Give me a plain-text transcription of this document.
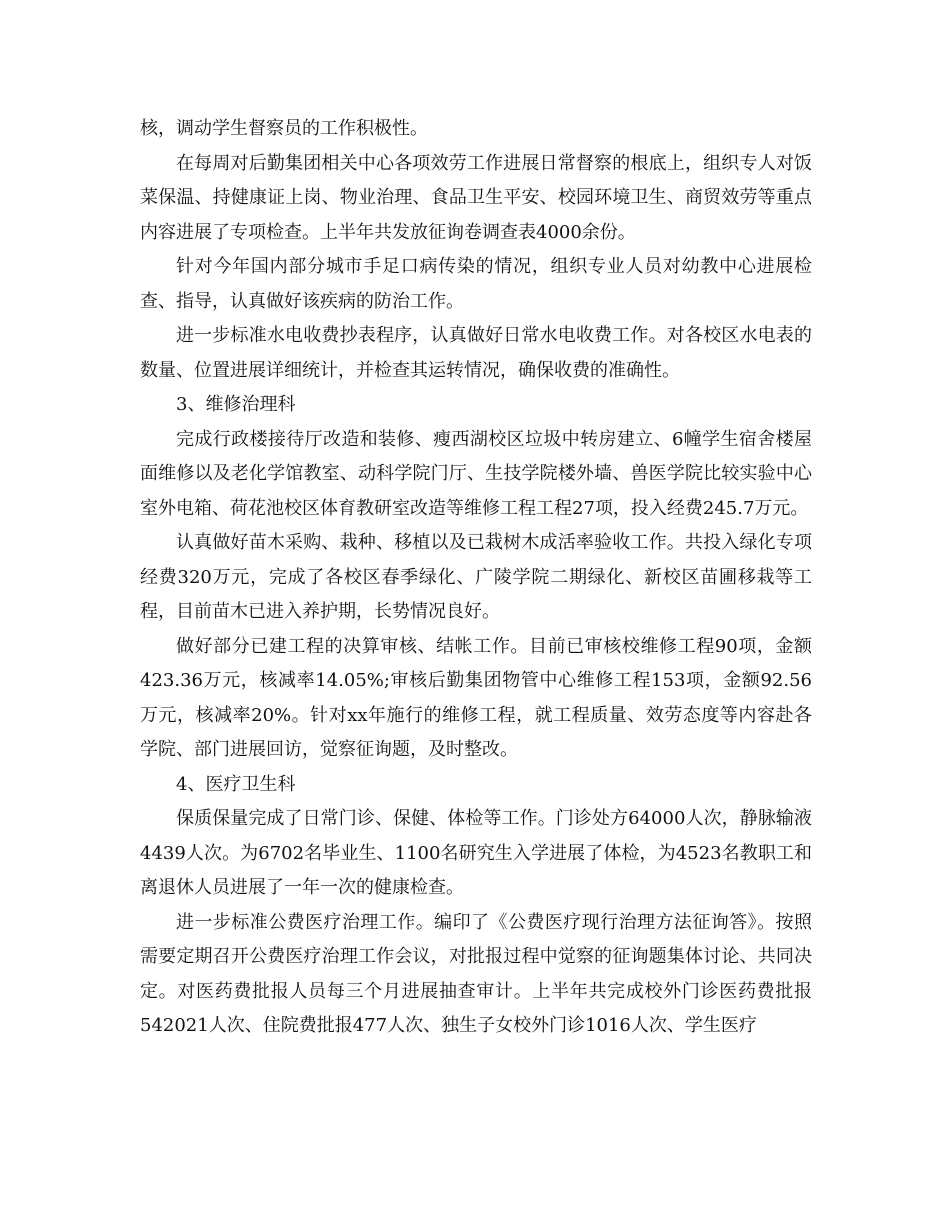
核，调动学生督察员的工作积极性。

在每周对后勤集团相关中心各项效劳工作进展日常督察的根底上，组织专人对饭菜保温、持健康证上岗、物业治理、食品卫生平安、校园环境卫生、商贸效劳等重点内容进展了专项检查。上半年共发放征询卷调查表4000余份。

针对今年国内部分城市手足口病传染的情况，组织专业人员对幼教中心进展检查、指导，认真做好该疾病的防治工作。

进一步标准水电收费抄表程序，认真做好日常水电收费工作。对各校区水电表的数量、位置进展详细统计，并检查其运转情况，确保收费的准确性。

3、维修治理科

完成行政楼接待厅改造和装修、瘦西湖校区垃圾中转房建立、6幢学生宿舍楼屋面维修以及老化学馆教室、动科学院门厅、生技学院楼外墙、兽医学院比较实验中心室外电箱、荷花池校区体育教研室改造等维修工程工程27项，投入经费245.7万元。

认真做好苗木采购、栽种、移植以及已栽树木成活率验收工作。共投入绿化专项经费320万元，完成了各校区春季绿化、广陵学院二期绿化、新校区苗圃移栽等工程，目前苗木已进入养护期，长势情况良好。

做好部分已建工程的决算审核、结帐工作。目前已审核校维修工程90项，金额423.36万元，核减率14.05%;审核后勤集团物管中心维修工程153项，金额92.56万元，核减率20%。针对xx年施行的维修工程，就工程质量、效劳态度等内容赴各学院、部门进展回访，觉察征询题，及时整改。

4、医疗卫生科

保质保量完成了日常门诊、保健、体检等工作。门诊处方64000人次，静脉输液4439人次。为6702名毕业生、1100名研究生入学进展了体检，为4523名教职工和离退休人员进展了一年一次的健康检查。

进一步标准公费医疗治理工作。编印了《公费医疗现行治理方法征询答》。按照需要定期召开公费医疗治理工作会议，对批报过程中觉察的征询题集体讨论、共同决定。对医药费批报人员每三个月进展抽查审计。上半年共完成校外门诊医药费批报542021人次、住院费批报477人次、独生子女校外门诊1016人次、学生医疗
